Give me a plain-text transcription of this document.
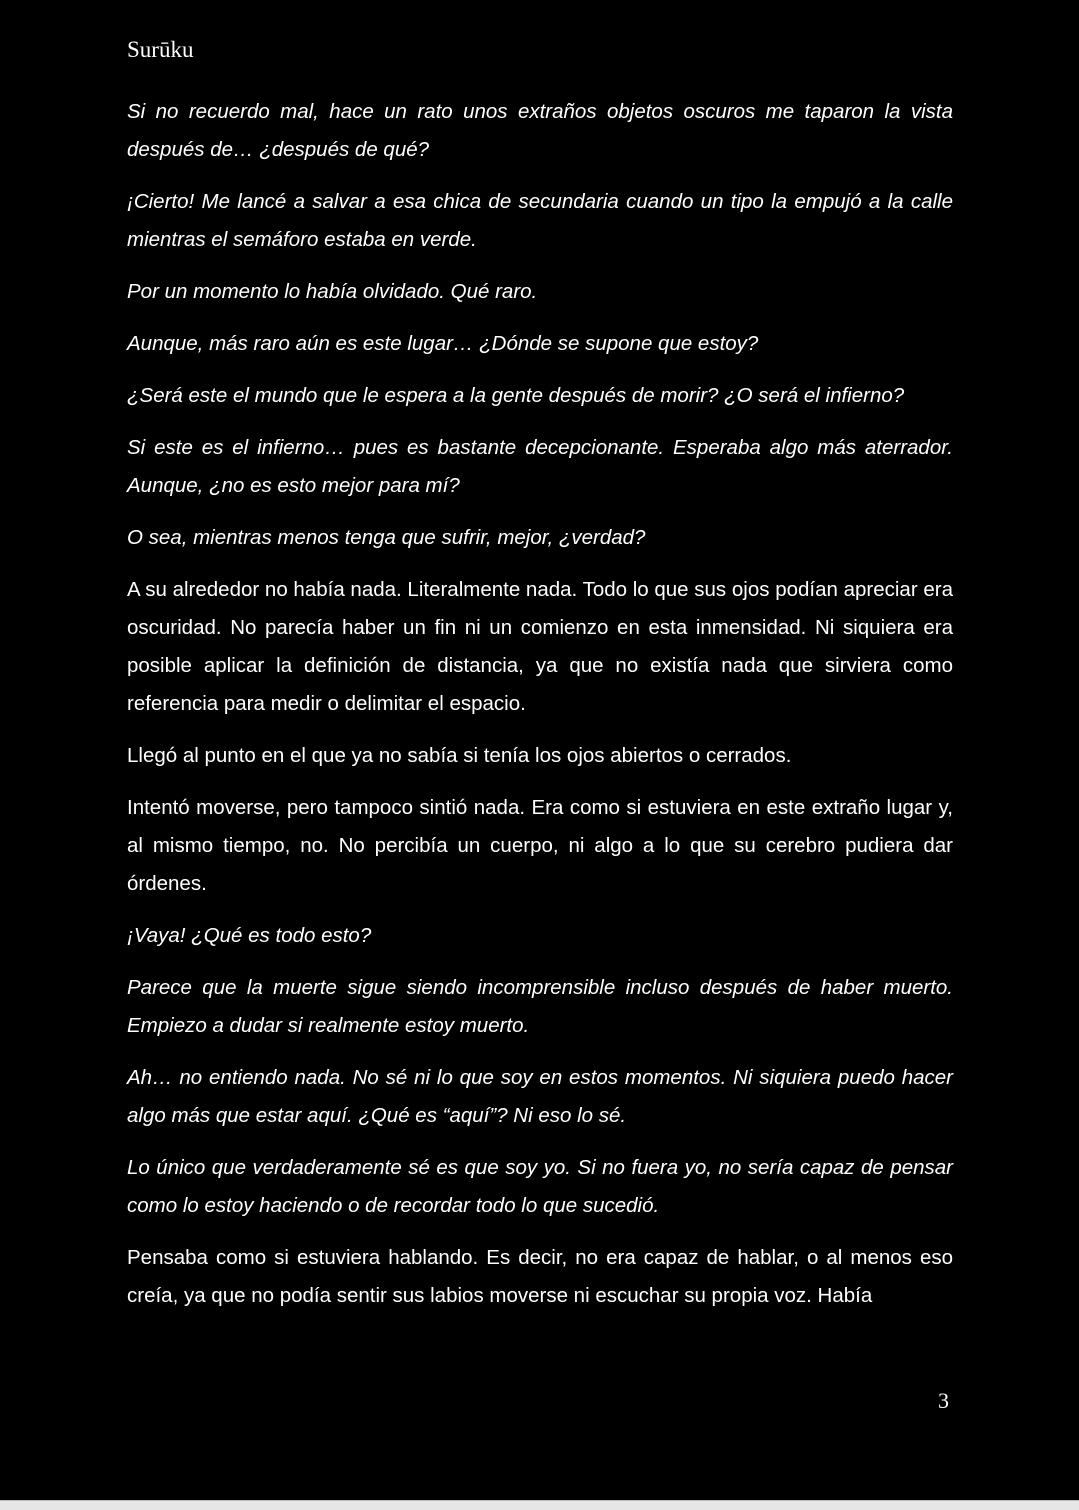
Surūku

Si no recuerdo mal, hace un rato unos extraños objetos oscuros me taparon la vista después de… ¿después de qué?

¡Cierto! Me lancé a salvar a esa chica de secundaria cuando un tipo la empujó a la calle mientras el semáforo estaba en verde.

Por un momento lo había olvidado. Qué raro.

Aunque, más raro aún es este lugar… ¿Dónde se supone que estoy?

¿Será este el mundo que le espera a la gente después de morir? ¿O será el infierno?

Si este es el infierno… pues es bastante decepcionante. Esperaba algo más aterrador. Aunque, ¿no es esto mejor para mí?

O sea, mientras menos tenga que sufrir, mejor, ¿verdad?

A su alrededor no había nada. Literalmente nada. Todo lo que sus ojos podían apreciar era oscuridad. No parecía haber un fin ni un comienzo en esta inmensidad. Ni siquiera era posible aplicar la definición de distancia, ya que no existía nada que sirviera como referencia para medir o delimitar el espacio.

Llegó al punto en el que ya no sabía si tenía los ojos abiertos o cerrados.

Intentó moverse, pero tampoco sintió nada. Era como si estuviera en este extraño lugar y, al mismo tiempo, no. No percibía un cuerpo, ni algo a lo que su cerebro pudiera dar órdenes.

¡Vaya! ¿Qué es todo esto?

Parece que la muerte sigue siendo incomprensible incluso después de haber muerto. Empiezo a dudar si realmente estoy muerto.

Ah… no entiendo nada. No sé ni lo que soy en estos momentos. Ni siquiera puedo hacer algo más que estar aquí. ¿Qué es “aquí”? Ni eso lo sé.

Lo único que verdaderamente sé es que soy yo. Si no fuera yo, no sería capaz de pensar como lo estoy haciendo o de recordar todo lo que sucedió.

Pensaba como si estuviera hablando. Es decir, no era capaz de hablar, o al menos eso creía, ya que no podía sentir sus labios moverse ni escuchar su propia voz. Había

3
